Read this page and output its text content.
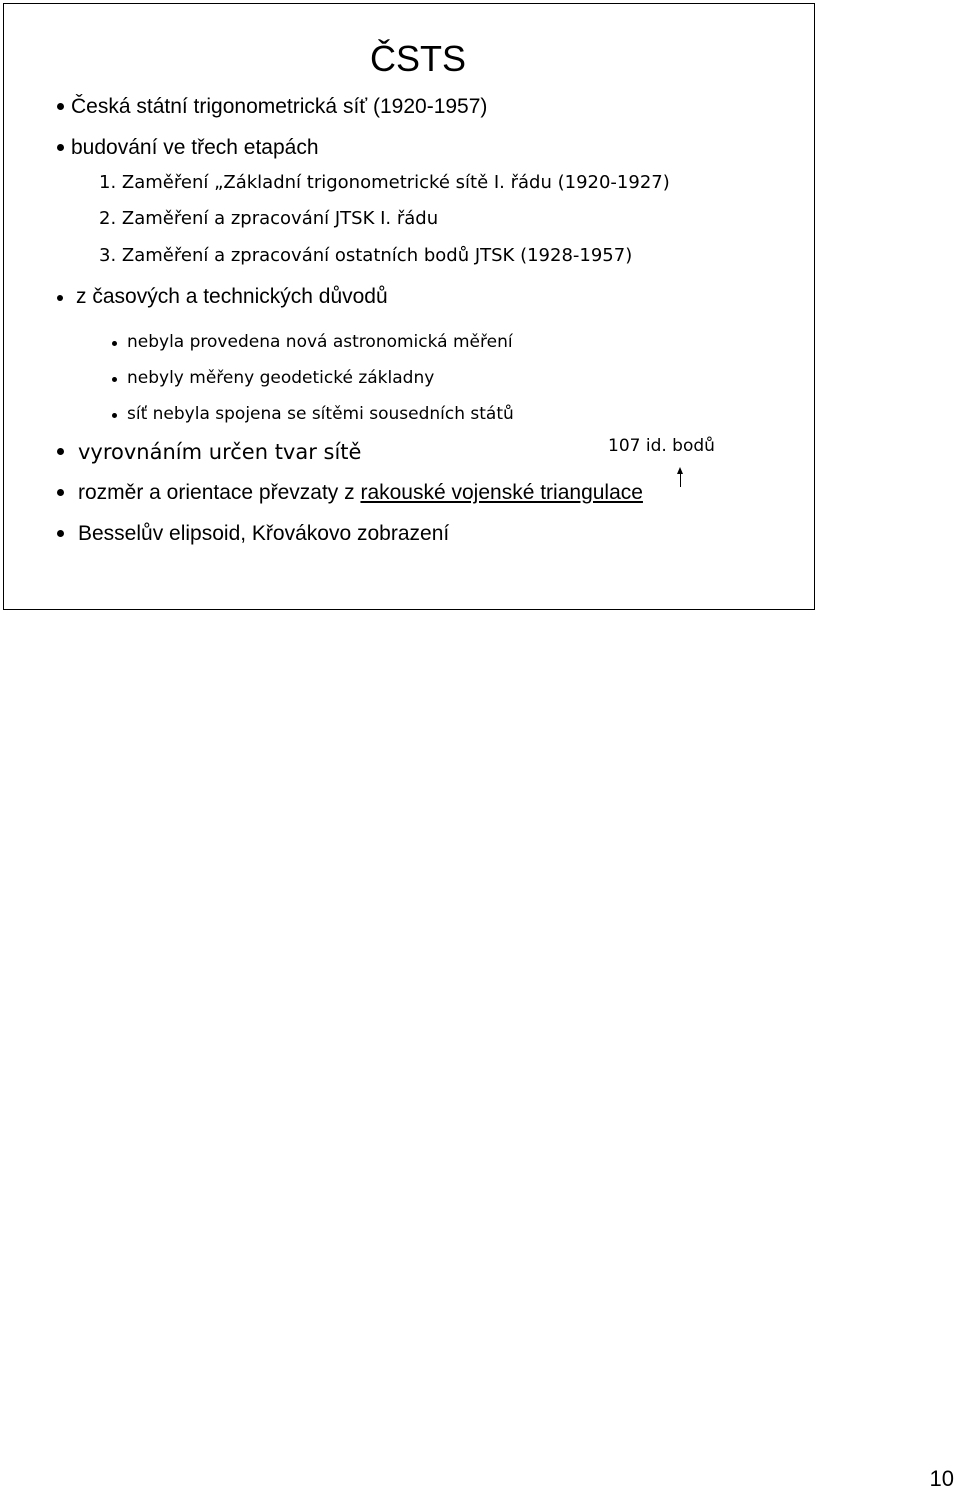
ČSTS
Česká státní trigonometrická síť (1920-1957)
budování ve třech etapách
1. Zaměření „Základní trigonometrické sítě I. řádu (1920-1927)
2. Zaměření a zpracování JTSK I. řádu
3. Zaměření a zpracování ostatních bodů JTSK (1928-1957)
z časových a technických důvodů
nebyla provedena nová astronomická měření
nebyly měřeny geodetické základny
síť nebyla spojena se sítěmi sousedních států
vyrovnáním určen tvar sítě	107 id. bodů
rozměr a orientace převzaty z rakouské vojenské triangulace
Besselův elipsoid, Křovákovo zobrazení
10
